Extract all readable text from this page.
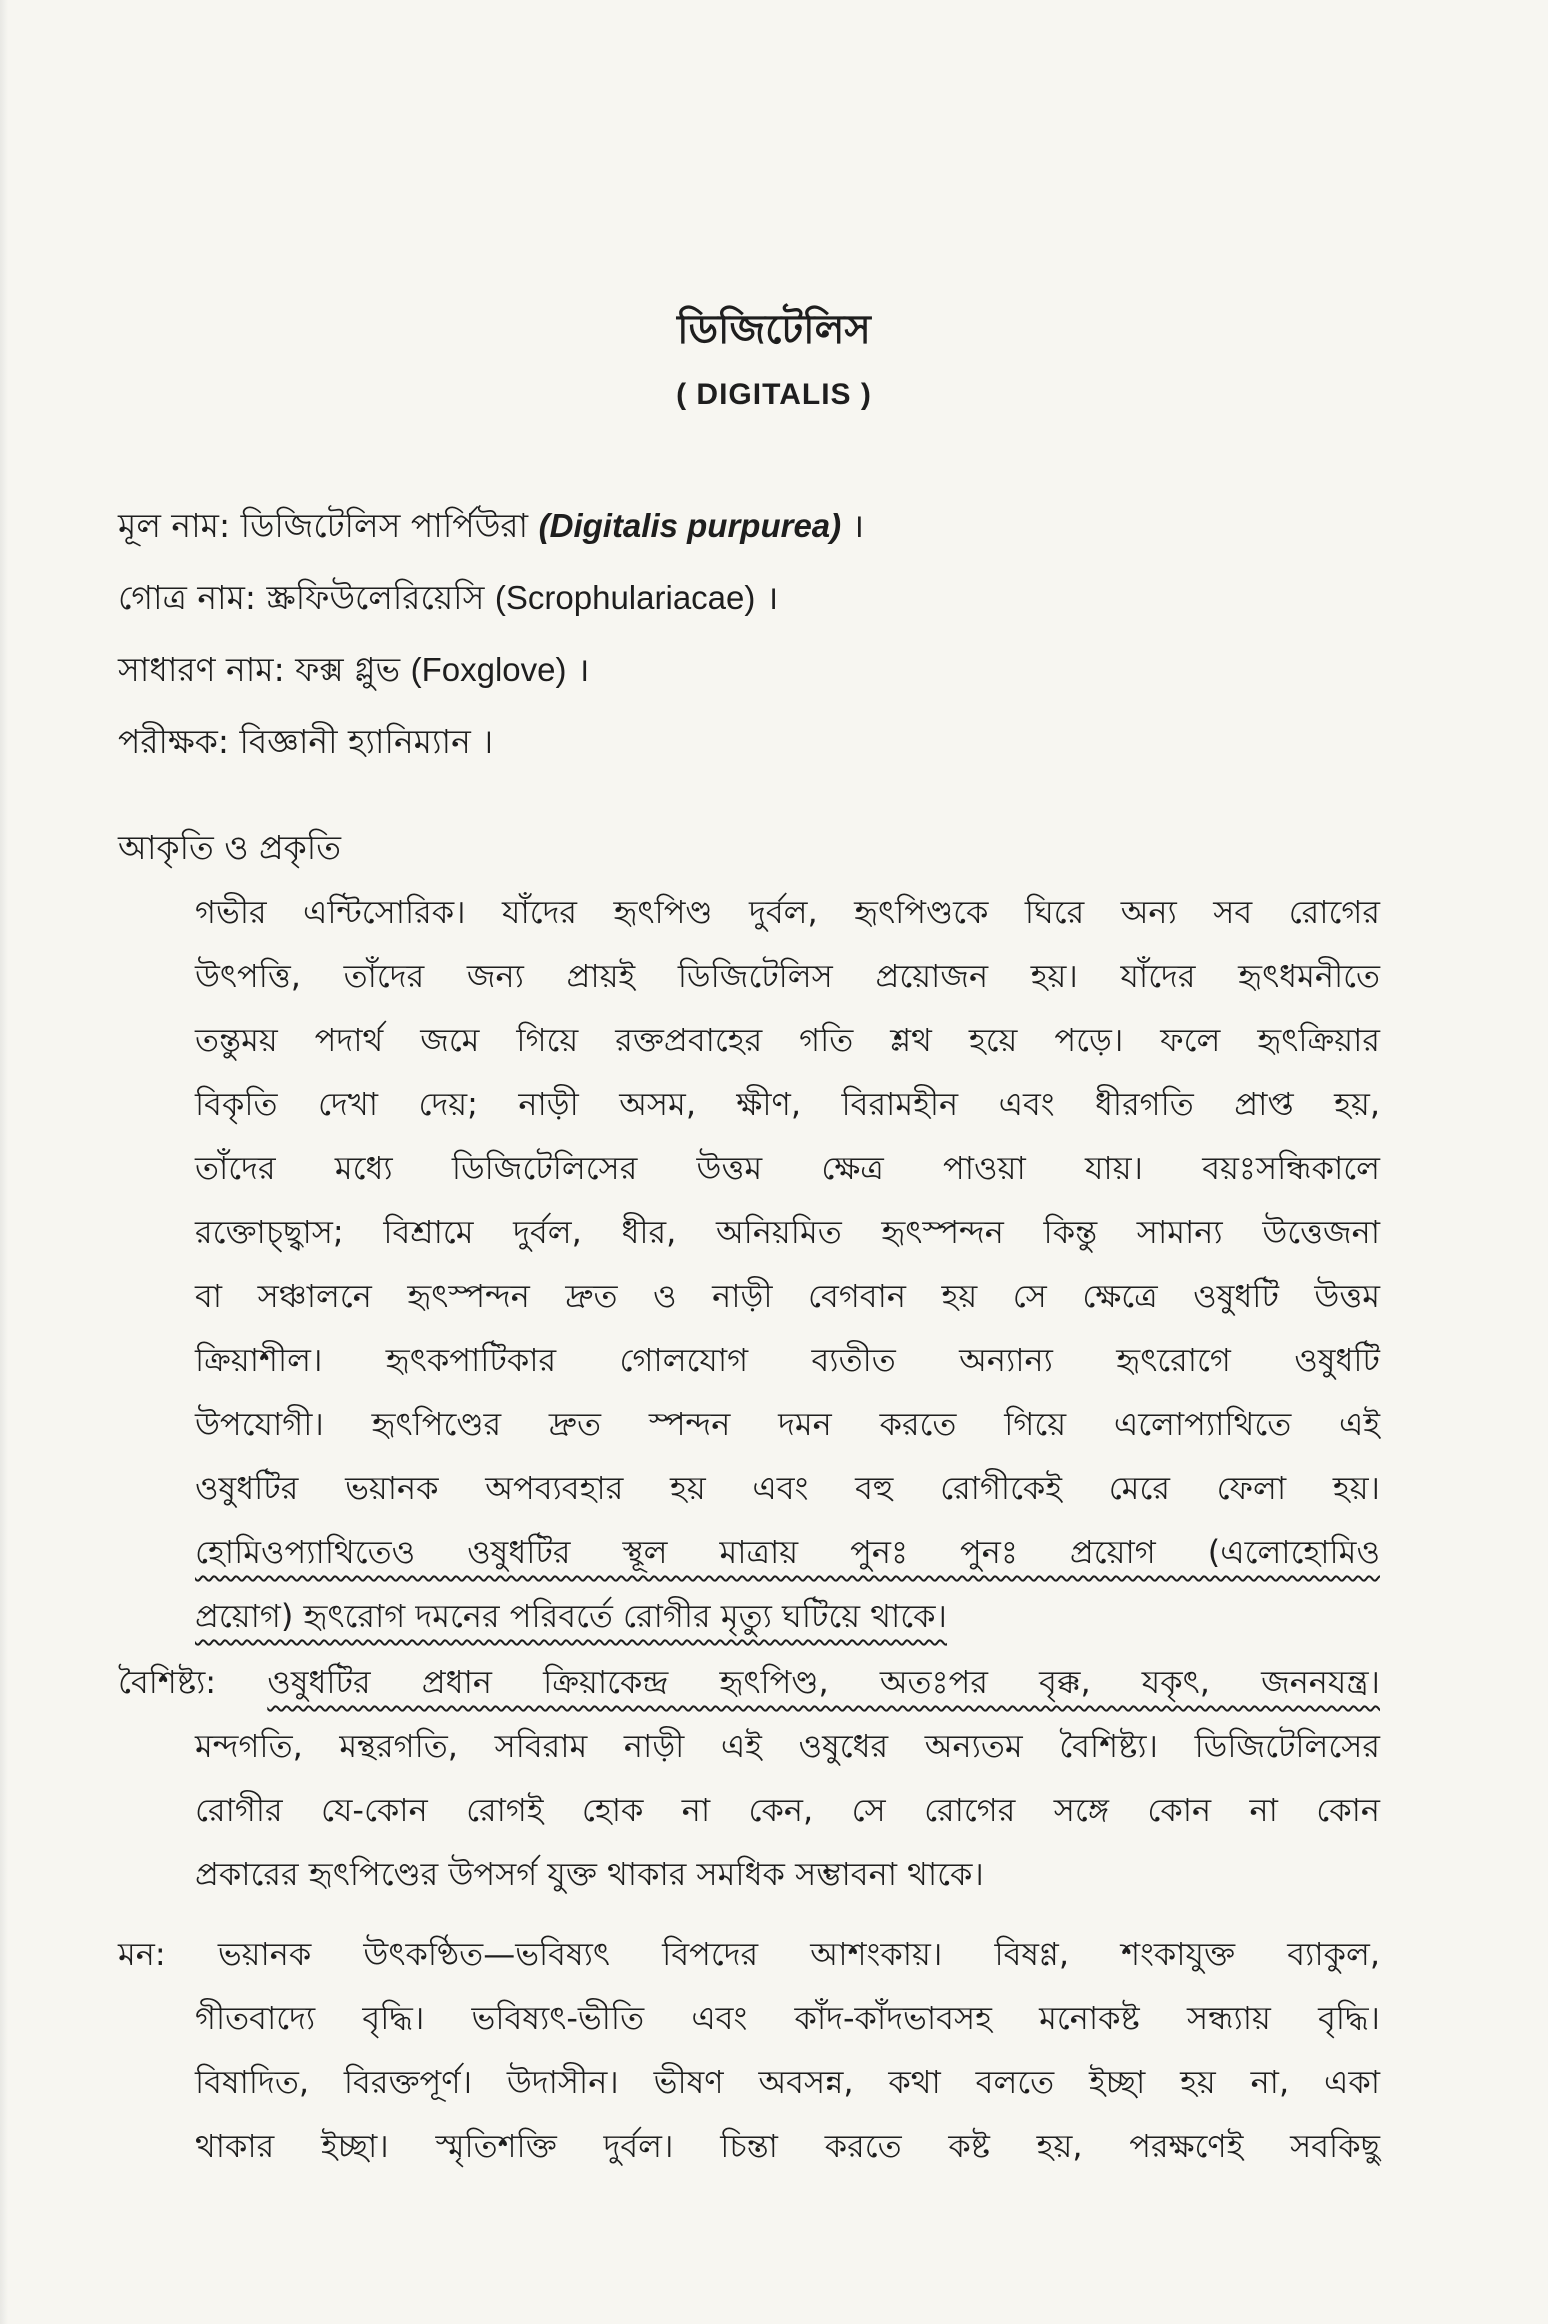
ডিজিটেলিস
( DIGITALIS )
মূল নাম: ডিজিটেলিস পার্পিউরা (Digitalis purpurea) ।
গোত্র নাম: স্ক্রফিউলেরিয়েসি (Scrophulariacae) ।
সাধারণ নাম: ফক্স গ্লুভ (Foxglove) ।
পরীক্ষক: বিজ্ঞানী হ্যানিম্যান ।
আকৃতি ও প্রকৃতি
গভীর এন্টিসোরিক। যাঁদের হৃৎপিণ্ড দুর্বল, হৃৎপিণ্ডকে ঘিরে অন্য সব রোগের
উৎপত্তি, তাঁদের জন্য প্রায়ই ডিজিটেলিস প্রয়োজন হয়। যাঁদের হৃৎধমনীতে
তন্তুময় পদার্থ জমে গিয়ে রক্তপ্রবাহের গতি শ্লথ হয়ে পড়ে। ফলে হৃৎক্রিয়ার
বিকৃতি দেখা দেয়; নাড়ী অসম, ক্ষীণ, বিরামহীন এবং ধীরগতি প্রাপ্ত হয়,
তাঁদের মধ্যে ডিজিটেলিসের উত্তম ক্ষেত্র পাওয়া যায়। বয়ঃসন্ধিকালে
রক্তোচ্ছ্বাস; বিশ্রামে দুর্বল, ধীর, অনিয়মিত হৃৎস্পন্দন কিন্তু সামান্য উত্তেজনা
বা সঞ্চালনে হৃৎস্পন্দন দ্রুত ও নাড়ী বেগবান হয় সে ক্ষেত্রে ওষুধটি উত্তম
ক্রিয়াশীল। হৃৎকপাটিকার গোলযোগ ব্যতীত অন্যান্য হৃৎরোগে ওষুধটি
উপযোগী। হৃৎপিণ্ডের দ্রুত স্পন্দন দমন করতে গিয়ে এলোপ্যাথিতে এই
ওষুধটির ভয়ানক অপব্যবহার হয় এবং বহু রোগীকেই মেরে ফেলা হয়।
হোমিওপ্যাথিতেও ওষুধটির স্থূল মাত্রায় পুনঃ পুনঃ প্রয়োগ (এলোহোমিও
প্রয়োগ) হৃৎরোগ দমনের পরিবর্তে রোগীর মৃত্যু ঘটিয়ে থাকে।
বৈশিষ্ট্য: ওষুধটির প্রধান ক্রিয়াকেন্দ্র হৃৎপিণ্ড, অতঃপর বৃক্ক, যকৃৎ, জননযন্ত্র।
মন্দগতি, মন্থরগতি, সবিরাম নাড়ী এই ওষুধের অন্যতম বৈশিষ্ট্য। ডিজিটেলিসের
রোগীর যে-কোন রোগই হোক না কেন, সে রোগের সঙ্গে কোন না কোন
প্রকারের হৃৎপিণ্ডের উপসর্গ যুক্ত থাকার সমধিক সম্ভাবনা থাকে।
মন: ভয়ানক উৎকণ্ঠিত—ভবিষ্যৎ বিপদের আশংকায়। বিষণ্ণ, শংকাযুক্ত ব্যাকুল,
গীতবাদ্যে বৃদ্ধি। ভবিষ্যৎ-ভীতি এবং কাঁদ-কাঁদভাবসহ মনোকষ্ট সন্ধ্যায় বৃদ্ধি।
বিষাদিত, বিরক্তপূর্ণ। উদাসীন। ভীষণ অবসন্ন, কথা বলতে ইচ্ছা হয় না, একা
থাকার ইচ্ছা। স্মৃতিশক্তি দুর্বল। চিন্তা করতে কষ্ট হয়, পরক্ষণেই সবকিছু
